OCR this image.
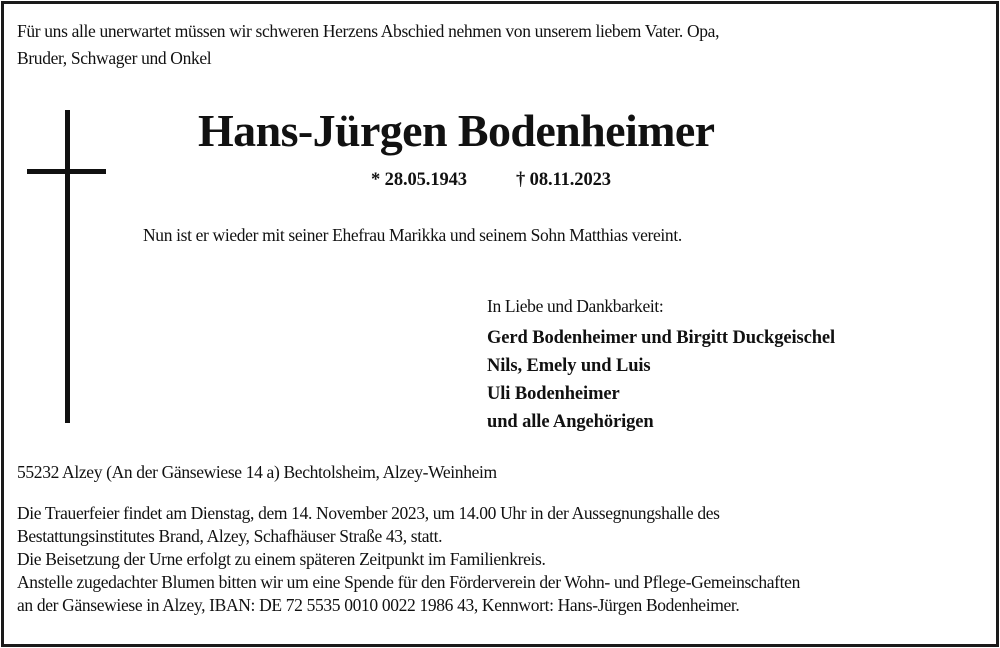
Für uns alle unerwartet müssen wir schweren Herzens Abschied nehmen von unserem liebem Vater. Opa,
Bruder, Schwager und Onkel
Hans-Jürgen Bodenheimer
* 28.05.1943	† 08.11.2023
Nun ist er wieder mit seiner Ehefrau Marikka und seinem Sohn Matthias vereint.
In Liebe und Dankbarkeit:
Gerd Bodenheimer und Birgitt Duckgeischel
Nils, Emely und Luis
Uli Bodenheimer
und alle Angehörigen
55232 Alzey (An der Gänsewiese 14 a) Bechtolsheim, Alzey-Weinheim
Die Trauerfeier findet am Dienstag, dem 14. November 2023, um 14.00 Uhr in der Aussegnungshalle des
Bestattungsinstitutes Brand, Alzey, Schafhäuser Straße 43, statt.
Die Beisetzung der Urne erfolgt zu einem späteren Zeitpunkt im Familienkreis.
Anstelle zugedachter Blumen bitten wir um eine Spende für den Förderverein der Wohn- und Pflege-Gemeinschaften
an der Gänsewiese in Alzey, IBAN: DE 72 5535 0010 0022 1986 43, Kennwort: Hans-Jürgen Bodenheimer.
